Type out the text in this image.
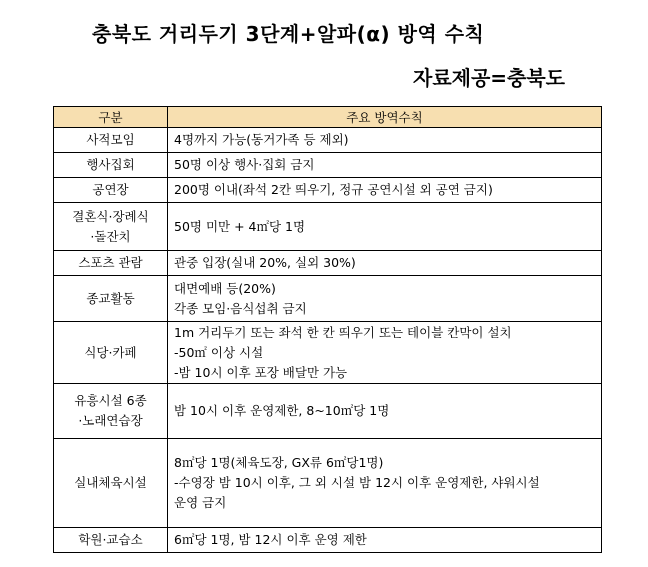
충북도 거리두기 3단계+알파(α) 방역 수칙
자료제공=충북도
구분	주요 방역수칙

사적모임	4명까지 가능(동거가족 등 제외)

행사집회	50명 이상 행사·집회 금지

공연장	200명 이내(좌석 2칸 띄우기, 정규 공연시설 외 공연 금지)

결혼식·장례식
·돌잔치	50명 미만 + 4㎡당 1명

스포츠 관람	관중 입장(실내 20%, 실외 30%)

종교활동	대면예배 등(20%)
각종 모임·음식섭취 금지

식당·카페	1m 거리두기 또는 좌석 한 칸 띄우기 또는 테이블 칸막이 설치
-50㎡ 이상 시설
-밤 10시 이후 포장 배달만 가능

유흥시설 6종
·노래연습장	밤 10시 이후 운영제한, 8~10㎡당 1명

실내체육시설	8㎡당 1명(체육도장, GX류 6㎡당1명)
-수영장 밤 10시 이후, 그 외 시설 밤 12시 이후 운영제한, 샤워시설
운영 금지

학원·교습소	6㎡당 1명, 밤 12시 이후 운영 제한
